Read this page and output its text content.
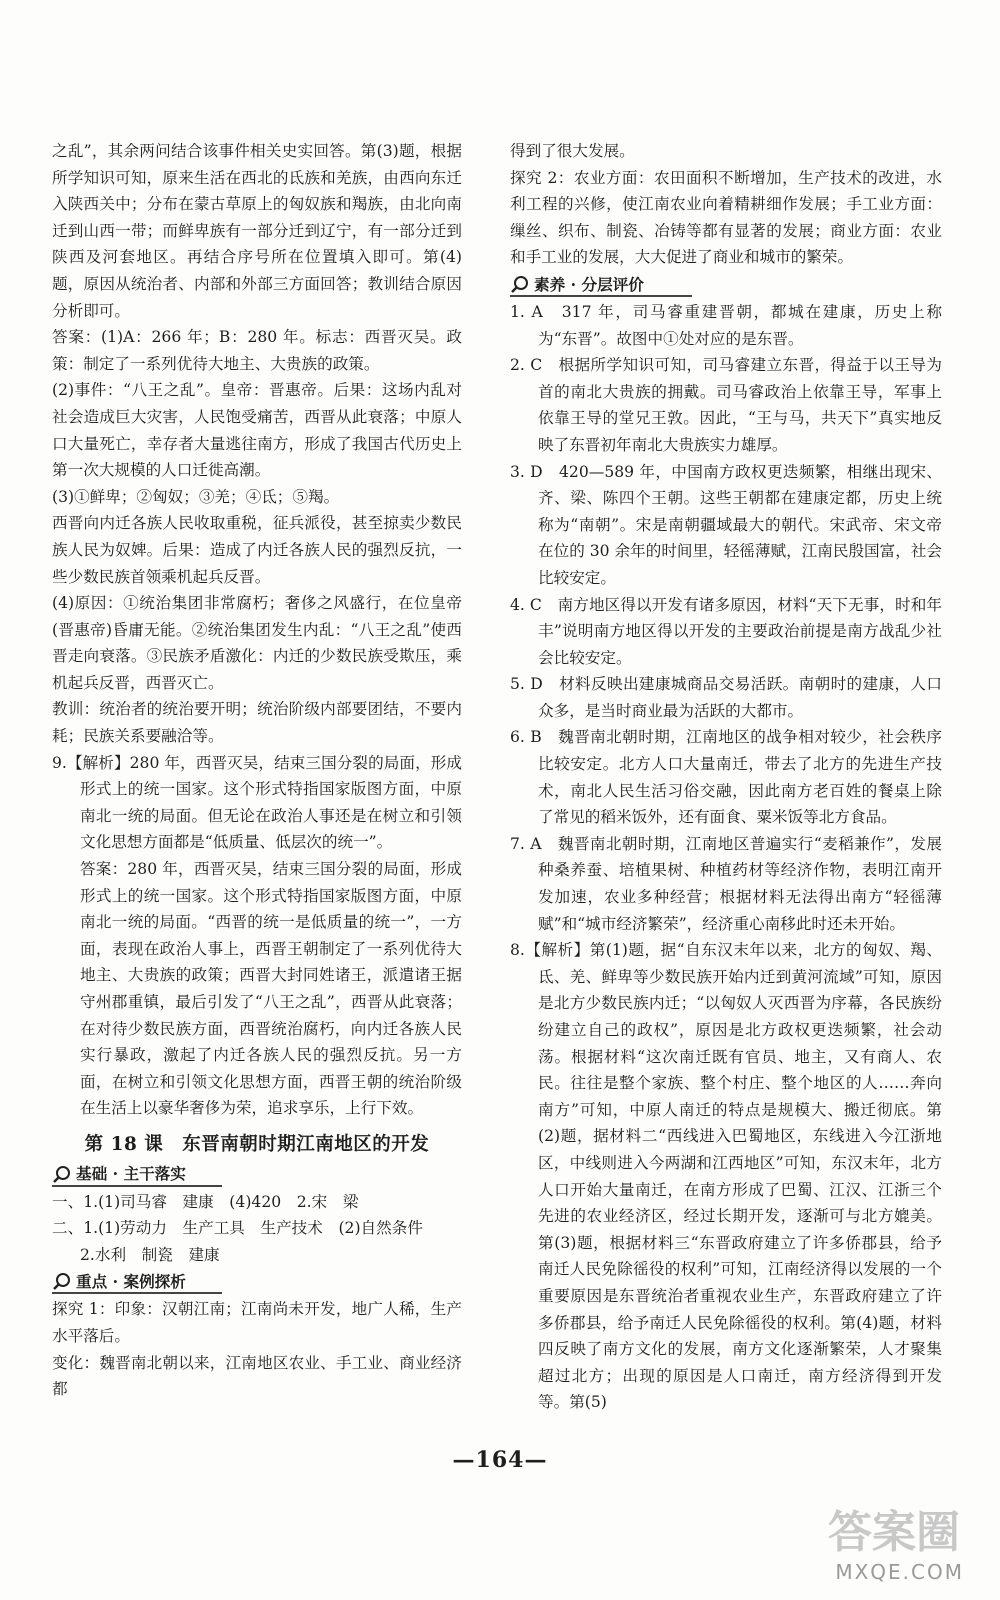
之乱”，其余两问结合该事件相关史实回答。第(3)题，根据所学知识可知，原来生活在西北的氐族和羌族，由西向东迁入陕西关中；分布在蒙古草原上的匈奴族和羯族，由北向南迁到山西一带；而鲜卑族有一部分迁到辽宁，有一部分迁到陕西及河套地区。再结合序号所在位置填入即可。第(4)题，原因从统治者、内部和外部三方面回答；教训结合原因分析即可。

答案：(1)A：266 年；B：280 年。标志：西晋灭吴。政策：制定了一系列优待大地主、大贵族的政策。

(2)事件：“八王之乱”。皇帝：晋惠帝。后果：这场内乱对社会造成巨大灾害，人民饱受痛苦，西晋从此衰落；中原人口大量死亡，幸存者大量逃往南方，形成了我国古代历史上第一次大规模的人口迁徙高潮。

(3)①鲜卑；②匈奴；③羌；④氐；⑤羯。

西晋向内迁各族人民收取重税，征兵派役，甚至掠卖少数民族人民为奴婢。后果：造成了内迁各族人民的强烈反抗，一些少数民族首领乘机起兵反晋。

(4)原因：①统治集团非常腐朽；奢侈之风盛行，在位皇帝(晋惠帝)昏庸无能。②统治集团发生内乱：“八王之乱”使西晋走向衰落。③民族矛盾激化：内迁的少数民族受欺压，乘机起兵反晋，西晋灭亡。

教训：统治者的统治要开明；统治阶级内部要团结，不要内耗；民族关系要融洽等。

9.【解析】280 年，西晋灭吴，结束三国分裂的局面，形成形式上的统一国家。这个形式特指国家版图方面，中原南北一统的局面。但无论在政治人事还是在树立和引领文化思想方面都是“低质量、低层次的统一”。

答案：280 年，西晋灭吴，结束三国分裂的局面，形成形式上的统一国家。这个形式特指国家版图方面，中原南北一统的局面。“西晋的统一是低质量的统一”，一方面，表现在政治人事上，西晋王朝制定了一系列优待大地主、大贵族的政策；西晋大封同姓诸王，派遣诸王据守州郡重镇，最后引发了“八王之乱”，西晋从此衰落；在对待少数民族方面，西晋统治腐朽，向内迁各族人民实行暴政，激起了内迁各族人民的强烈反抗。另一方面，在树立和引领文化思想方面，西晋王朝的统治阶级在生活上以豪华奢侈为荣，追求享乐，上行下效。

第 18 课　东晋南朝时期江南地区的开发
基础 · 主干落实

一、1.(1)司马睿　建康　(4)420　2.宋　梁

二、1.(1)劳动力　生产工具　生产技术　(2)自然条件

2.水利　制瓷　建康

重点 · 案例探析

探究 1：印象：汉朝江南；江南尚未开发，地广人稀，生产水平落后。

变化：魏晋南北朝以来，江南地区农业、手工业、商业经济都

得到了很大发展。

探究 2：农业方面：农田面积不断增加，生产技术的改进，水利工程的兴修，使江南农业向着精耕细作发展；手工业方面：缫丝、织布、制瓷、冶铸等都有显著的发展；商业方面：农业和手工业的发展，大大促进了商业和城市的繁荣。

素养 · 分层评价

1. A　317 年，司马睿重建晋朝，都城在建康，历史上称为“东晋”。故图中①处对应的是东晋。

2. C　根据所学知识可知，司马睿建立东晋，得益于以王导为首的南北大贵族的拥戴。司马睿政治上依靠王导，军事上依靠王导的堂兄王敦。因此，“王与马，共天下”真实地反映了东晋初年南北大贵族实力雄厚。

3. D　420—589 年，中国南方政权更迭频繁，相继出现宋、齐、梁、陈四个王朝。这些王朝都在建康定都，历史上统称为“南朝”。宋是南朝疆域最大的朝代。宋武帝、宋文帝在位的 30 余年的时间里，轻徭薄赋，江南民殷国富，社会比较安定。

4. C　南方地区得以开发有诸多原因，材料“天下无事，时和年丰”说明南方地区得以开发的主要政治前提是南方战乱少社会比较安定。

5. D　材料反映出建康城商品交易活跃。南朝时的建康，人口众多，是当时商业最为活跃的大都市。

6. B　魏晋南北朝时期，江南地区的战争相对较少，社会秩序比较安定。北方人口大量南迁，带去了北方的先进生产技术，南北人民生活习俗交融，因此南方老百姓的餐桌上除了常见的稻米饭外，还有面食、粟米饭等北方食品。

7. A　魏晋南北朝时期，江南地区普遍实行“麦稻兼作”，发展种桑养蚕、培植果树、种植药材等经济作物，表明江南开发加速，农业多种经营；根据材料无法得出南方“轻徭薄赋”和“城市经济繁荣”，经济重心南移此时还未开始。

8.【解析】第(1)题，据“自东汉末年以来，北方的匈奴、羯、氐、羌、鲜卑等少数民族开始内迁到黄河流域”可知，原因是北方少数民族内迁；“以匈奴人灭西晋为序幕，各民族纷纷建立自己的政权”，原因是北方政权更迭频繁，社会动荡。根据材料“这次南迁既有官员、地主，又有商人、农民。往往是整个家族、整个村庄、整个地区的人……奔向南方”可知，中原人南迁的特点是规模大、搬迁彻底。第(2)题，据材料二“西线进入巴蜀地区，东线进入今江浙地区，中线则进入今两湖和江西地区”可知，东汉末年，北方人口开始大量南迁，在南方形成了巴蜀、江汉、江浙三个先进的农业经济区，经过长期开发，逐渐可与北方媲美。第(3)题，根据材料三“东晋政府建立了许多侨郡县，给予南迁人民免除徭役的权利”可知，江南经济得以发展的一个重要原因是东晋统治者重视农业生产，东晋政府建立了许多侨郡县，给予南迁人民免除徭役的权利。第(4)题，材料四反映了南方文化的发展，南方文化逐渐繁荣，人才聚集超过北方；出现的原因是人口南迁，南方经济得到开发等。第(5)

—164—
答案圈
MXQE.COM
